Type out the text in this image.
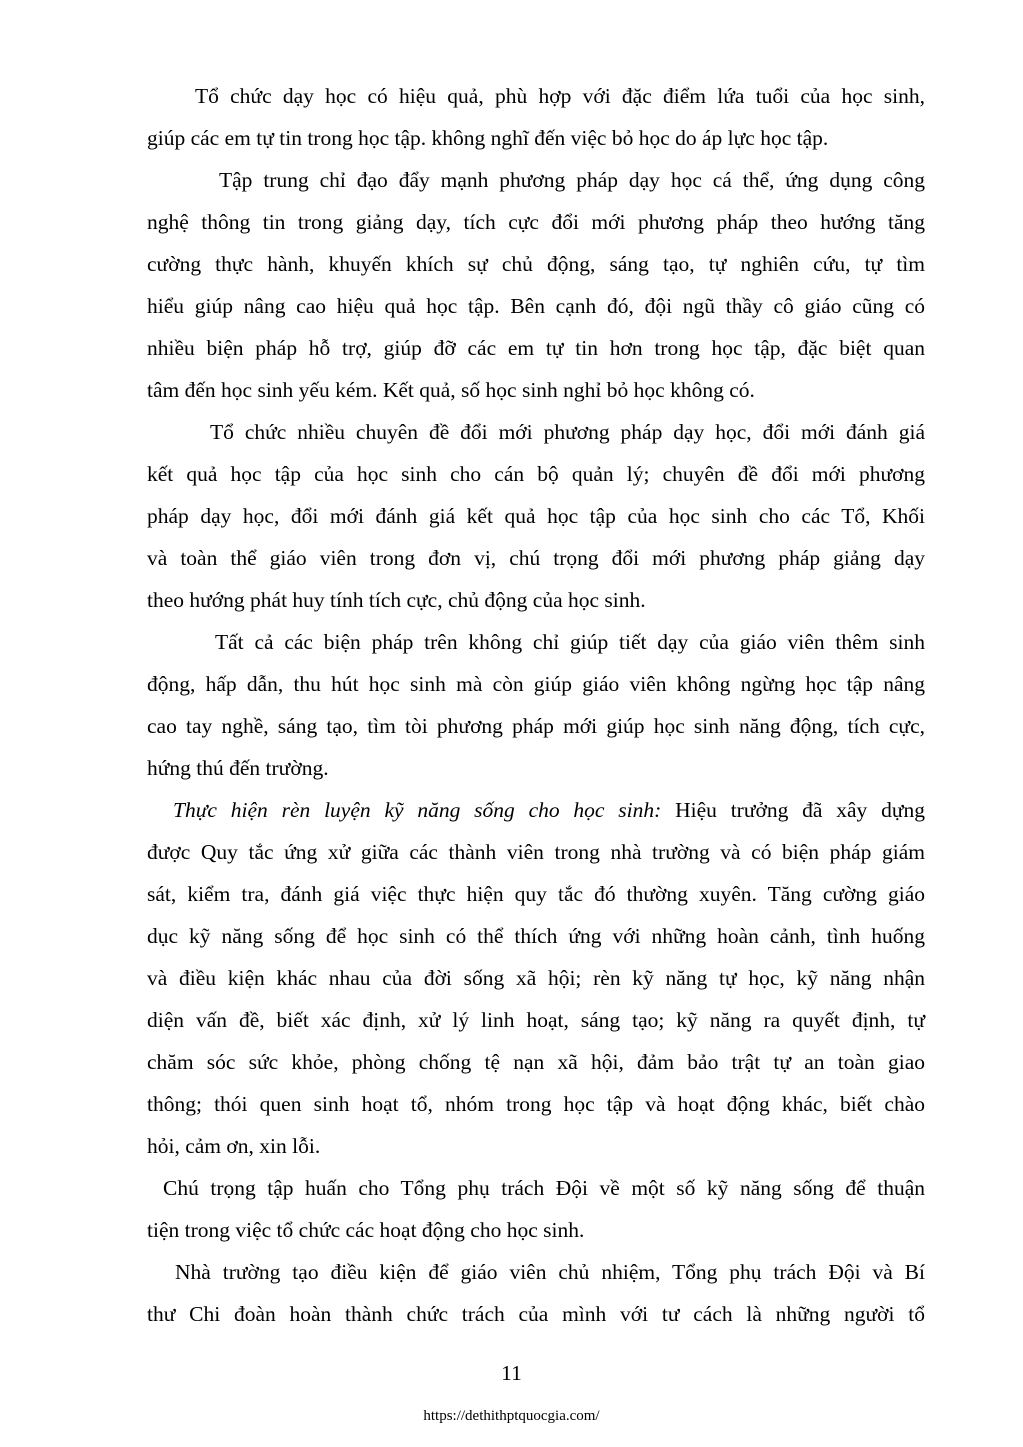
Tổ chức dạy học có hiệu quả, phù hợp với đặc điểm lứa tuổi của học sinh,
giúp các em tự tin trong học tập. không nghĩ đến việc bỏ học do áp lực học tập.
Tập trung chỉ đạo đẩy mạnh phương pháp dạy học cá thể, ứng dụng công
nghệ thông tin trong giảng dạy, tích cực đổi mới phương pháp theo hướng tăng
cường thực hành, khuyến khích sự chủ động, sáng tạo, tự nghiên cứu, tự tìm
hiểu giúp nâng cao hiệu quả học tập. Bên cạnh đó, đội ngũ thầy cô giáo cũng có
nhiều biện pháp hỗ trợ, giúp đỡ các em tự tin hơn trong học tập, đặc biệt quan
tâm đến học sinh yếu kém. Kết quả, số học sinh nghỉ bỏ học không có.
Tổ chức nhiều chuyên đề đổi mới phương pháp dạy học, đổi mới đánh giá
kết quả học tập của học sinh cho cán bộ quản lý; chuyên đề đổi mới phương
pháp dạy học, đổi mới đánh giá kết quả học tập của học sinh cho các Tổ, Khối
và toàn thể giáo viên trong đơn vị, chú trọng đổi mới phương pháp giảng dạy
theo hướng phát huy tính tích cực, chủ động của học sinh.
Tất cả các biện pháp trên không chỉ giúp tiết dạy của giáo viên thêm sinh
động, hấp dẫn, thu hút học sinh mà còn giúp giáo viên không ngừng học tập nâng
cao tay nghề, sáng tạo, tìm tòi phương pháp mới giúp học sinh năng động, tích cực,
hứng thú đến trường.
Thực hiện rèn luyện kỹ năng sống cho học sinh: Hiệu trưởng đã xây dựng
được Quy tắc ứng xử giữa các thành viên trong nhà trường và có biện pháp giám
sát, kiểm tra, đánh giá việc thực hiện quy tắc đó thường xuyên. Tăng cường giáo
dục kỹ năng sống để học sinh có thể thích ứng với những hoàn cảnh, tình huống
và điều kiện khác nhau của đời sống xã hội; rèn kỹ năng tự học, kỹ năng nhận
diện vấn đề, biết xác định, xử lý linh hoạt, sáng tạo; kỹ năng ra quyết định, tự
chăm sóc sức khỏe, phòng chống tệ nạn xã hội, đảm bảo trật tự an toàn giao
thông; thói quen sinh hoạt tổ, nhóm trong học tập và hoạt động khác, biết chào
hỏi, cảm ơn, xin lỗi.
Chú trọng tập huấn cho Tổng phụ trách Đội về một số kỹ năng sống để thuận
tiện trong việc tổ chức các hoạt động cho học sinh.
Nhà trường tạo điều kiện để giáo viên chủ nhiệm, Tổng phụ trách Đội và Bí
thư Chi đoàn hoàn thành chức trách của mình với tư cách là những người tổ
11
https://dethithptquocgia.com/
